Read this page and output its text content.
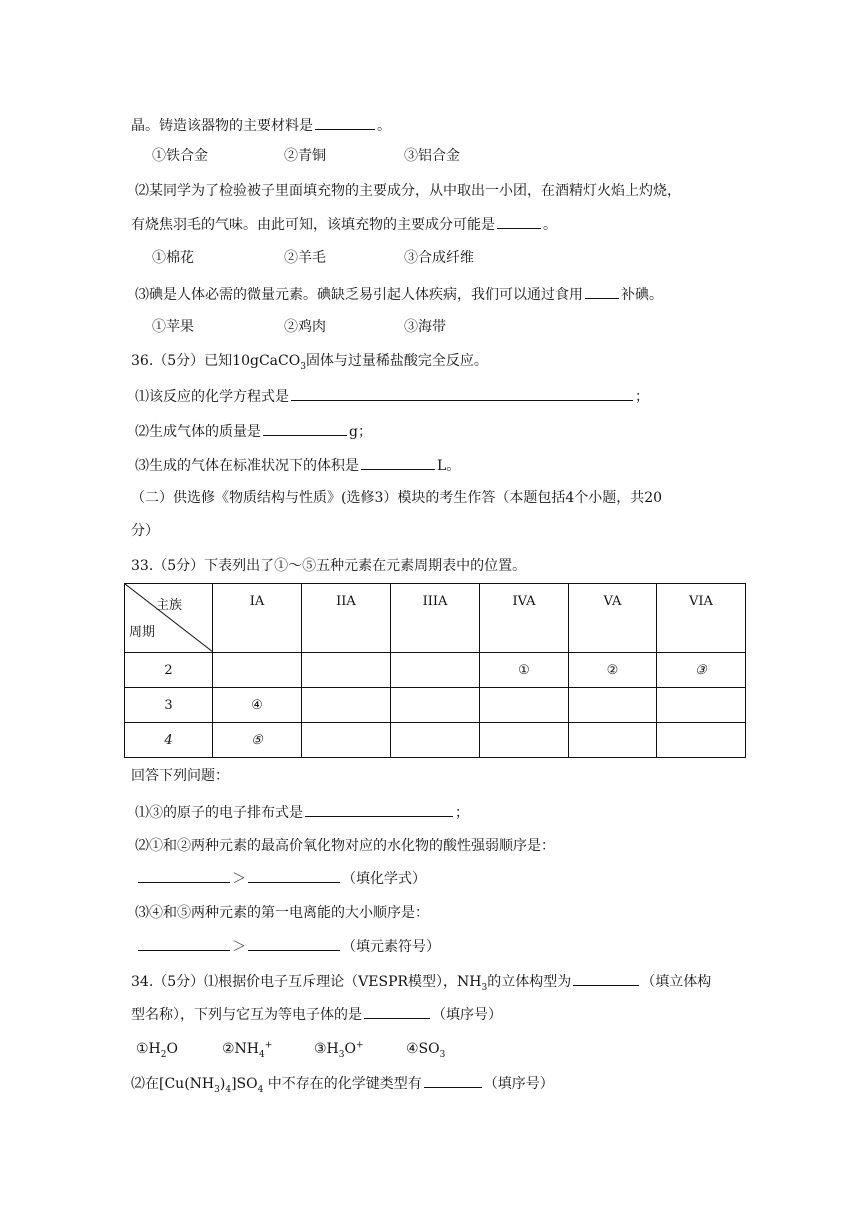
晶。铸造该器物的主要材料是	。
①铁合金	②青铜	③铝合金
⑵某同学为了检验被子里面填充物的主要成分，从中取出一小团，在酒精灯火焰上灼烧，
有烧焦羽毛的气味。由此可知，该填充物的主要成分可能是	。
①棉花	②羊毛	③合成纤维
⑶碘是人体必需的微量元素。碘缺乏易引起人体疾病，我们可以通过食用	补碘。
①苹果	②鸡肉	③海带
36.（5分）已知10gCaCO$_3$固体与过量稀盐酸完全反应。
⑴该反应的化学方程式是	；
⑵生成气体的质量是	g；
⑶生成的气体在标准状况下的体积是	L。
（二）供选修《物质结构与性质》(选修3）模块的考生作答（本题包括4个小题，共20
分）
33.（5分）下表列出了①～⑤五种元素在元素周期表中的位置。
主族
周期	IA	IIA	IIIA	IVA	VA	VIA
2				①	②	③
3	④					
4	⑤					
回答下列问题：
⑴③的原子的电子排布式是	；
⑵①和②两种元素的最高价氧化物对应的水化物的酸性强弱顺序是：
＞	（填化学式）
⑶④和⑤两种元素的第一电离能的大小顺序是：
＞	（填元素符号）
34.（5分）⑴根据价电子互斥理论（VESPR模型），$NH_3$的立体构型为	（填立体构
型名称），下列与它互为等电子体的是	（填序号）
$①H_2O$	$②NH_4^+$	$③H_3O^+$	$④SO_3$
⑵在$[Cu(NH_3)_4]SO_4$ 中不存在的化学键类型有	（填序号）
